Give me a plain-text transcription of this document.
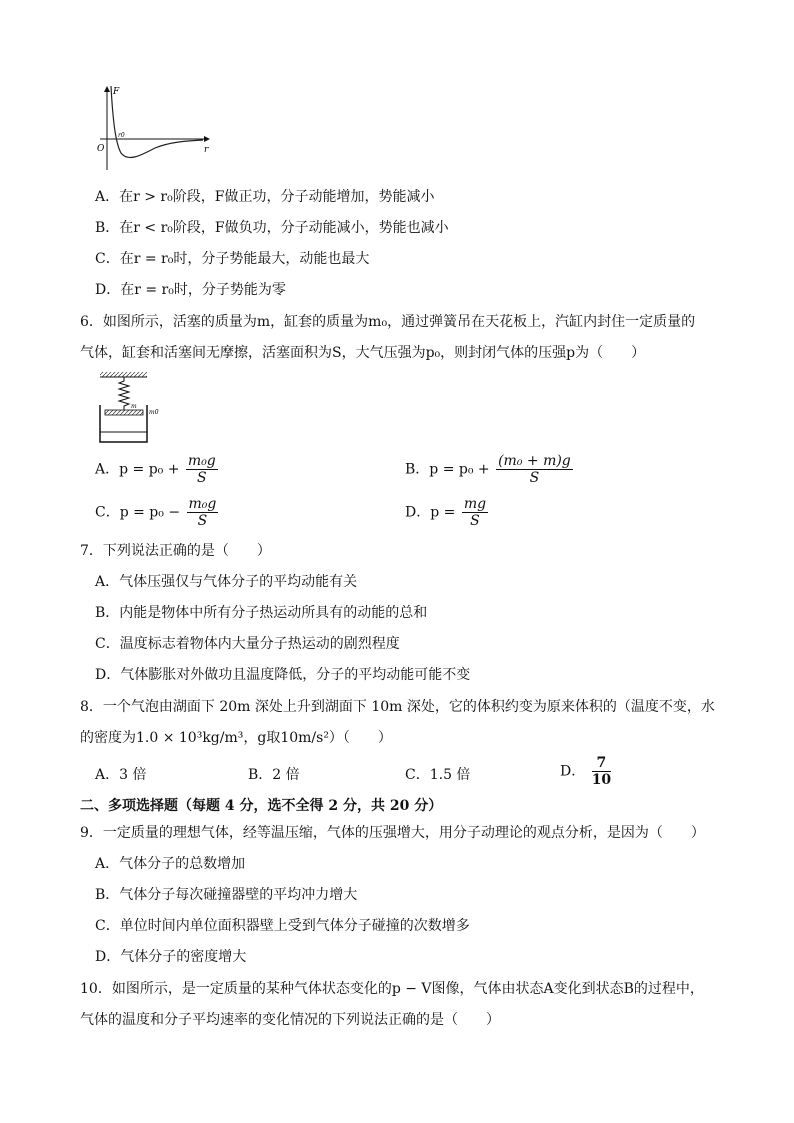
F
O	r
r0
A．在r > r₀阶段，F做正功，分子动能增加，势能减小
B．在r < r₀阶段，F做负功，分子动能减小，势能也减小
C．在r = r₀时，分子势能最大，动能也最大
D．在r = r₀时，分子势能为零
6．如图所示，活塞的质量为m，缸套的质量为m₀，通过弹簧吊在天花板上，汽缸内封住一定质量的
气体，缸套和活塞间无摩擦，活塞面积为S，大气压强为p₀，则封闭气体的压强p为（　　）
m
m0
A．$p = p_0 + \frac{\text{m₀g}}{S}$	B．$p = p_0 + \frac{\text{(m₀ + m)g}}{S}$
C．$p = p_0 - \frac{\text{m₀g}}{S}$	D．$p = \frac{mg}{S}$
7．下列说法正确的是（　　）
A．气体压强仅与气体分子的平均动能有关
B．内能是物体中所有分子热运动所具有的动能的总和
C．温度标志着物体内大量分子热运动的剧烈程度
D．气体膨胀对外做功且温度降低，分子的平均动能可能不变
8．一个气泡由湖面下 20m 深处上升到湖面下 10m 深处，它的体积约变为原来体积的（温度不变，水
的密度为1.0 × 10³kg/m³，g取10m/s²）（　　）
A．3 倍	B．2 倍	C．1.5 倍	D． $\frac{7}{10}$
二、多项选择题（每题 4 分，选不全得 2 分，共 20 分）
9．一定质量的理想气体，经等温压缩，气体的压强增大，用分子动理论的观点分析，是因为（　　）
A．气体分子的总数增加
B．气体分子每次碰撞器壁的平均冲力增大
C．单位时间内单位面积器壁上受到气体分子碰撞的次数增多
D．气体分子的密度增大
10．如图所示，是一定质量的某种气体状态变化的p − V图像，气体由状态A变化到状态B的过程中，
气体的温度和分子平均速率的变化情况的下列说法正确的是（　　）
